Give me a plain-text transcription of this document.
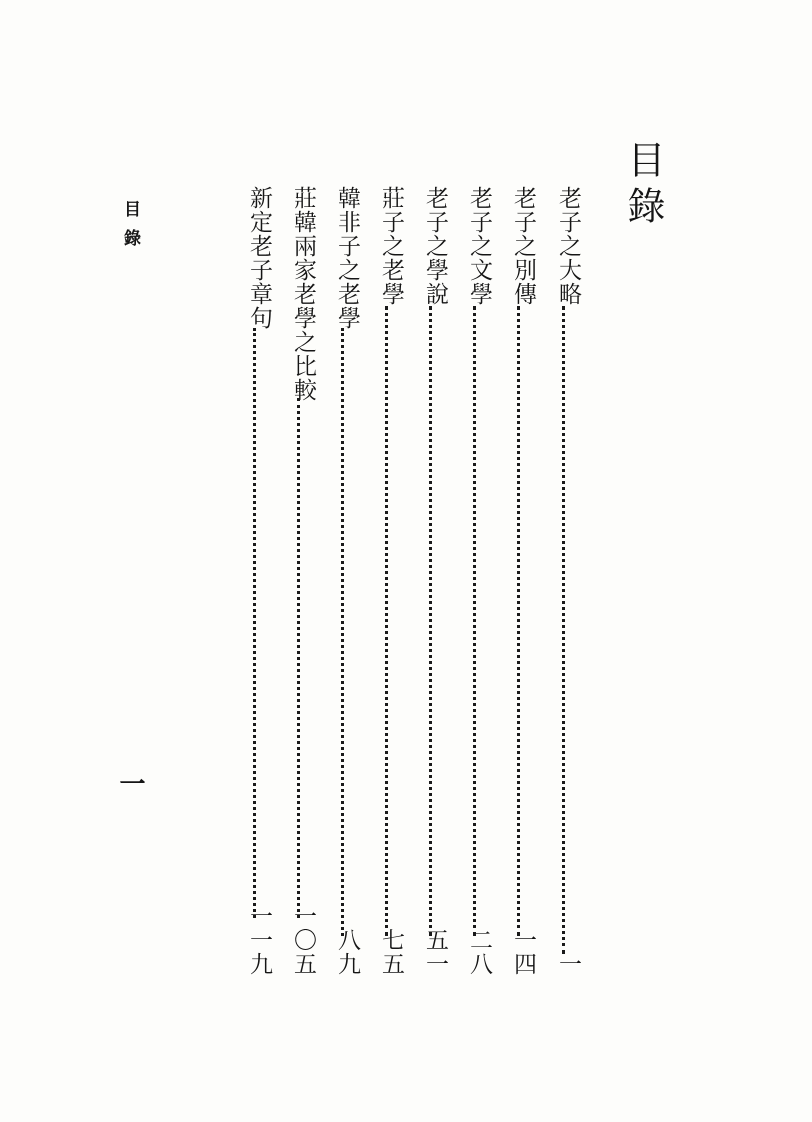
目錄
目錄
一
老子之大略
一
老子之別傳
一四
老子之文學
二八
老子之學說
五一
莊子之老學
七五
韓非子之老學
八九
莊韓兩家老學之比較
一〇五
新定老子章句
一一九
